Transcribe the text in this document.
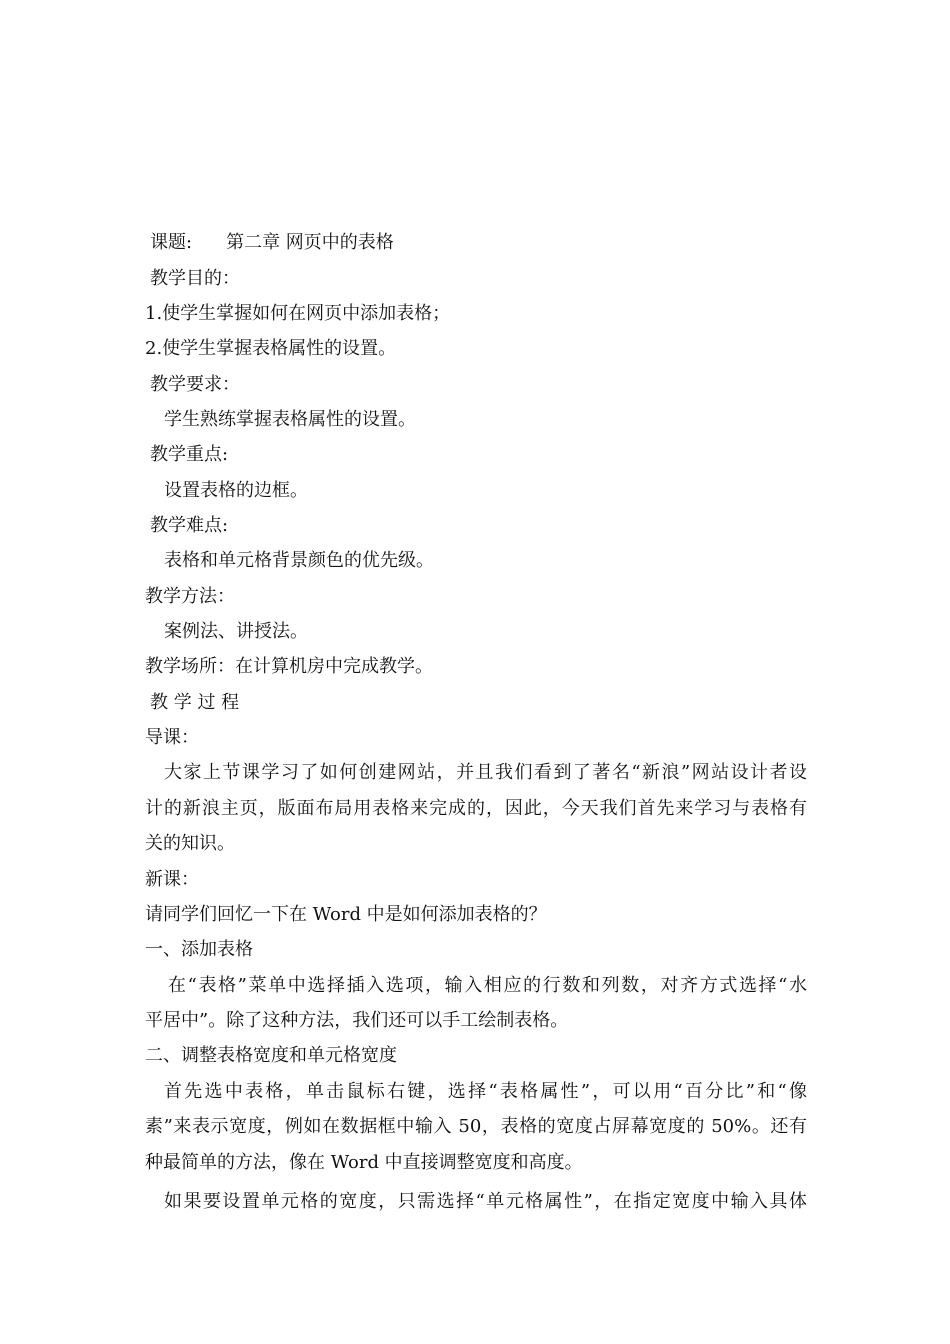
课题: 第二章 网页中的表格
教学目的：
1.使学生掌握如何在网页中添加表格；
2.使学生掌握表格属性的设置。
教学要求：
学生熟练掌握表格属性的设置。
教学重点:
设置表格的边框。
教学难点:
表格和单元格背景颜色的优先级。
教学方法：
案例法、讲授法。
教学场所：在计算机房中完成教学。
教 学 过 程
导课：
大家上节课学习了如何创建网站，并且我们看到了著名“新浪”网站设计者设
计的新浪主页，版面布局用表格来完成的，因此，今天我们首先来学习与表格有
关的知识。
新课：
请同学们回忆一下在 Word 中是如何添加表格的？
一、添加表格
在“表格”菜单中选择插入选项，输入相应的行数和列数，对齐方式选择“水
平居中”。除了这种方法，我们还可以手工绘制表格。
二、调整表格宽度和单元格宽度
首先选中表格，单击鼠标右键，选择“表格属性”，可以用“百分比”和“像
素”来表示宽度，例如在数据框中输入 50，表格的宽度占屏幕宽度的 50%。还有
种最简单的方法，像在 Word 中直接调整宽度和高度。
如果要设置单元格的宽度，只需选择“单元格属性”，在指定宽度中输入具体
